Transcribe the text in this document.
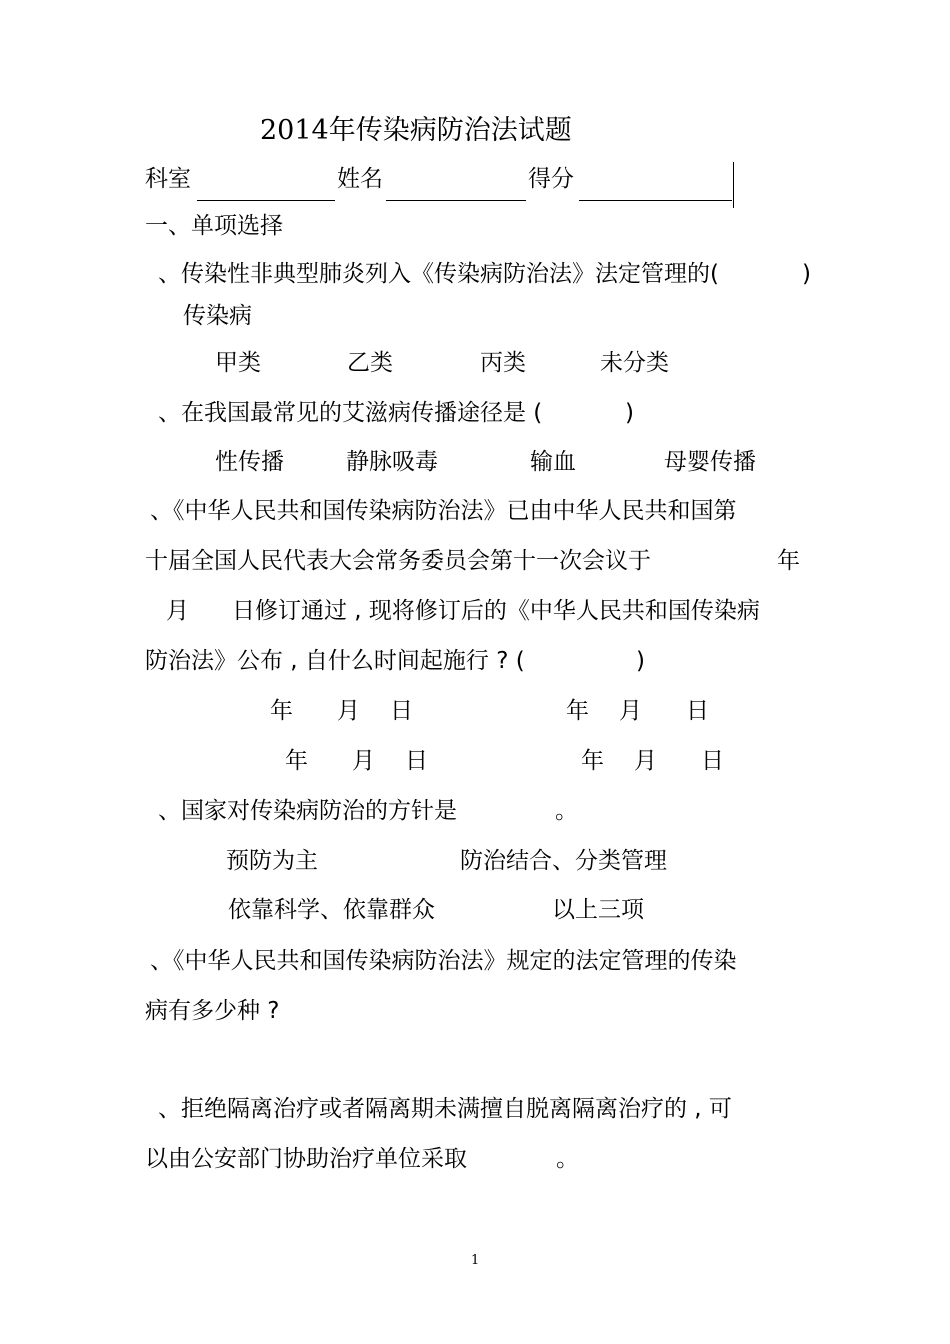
2014年传染病防治法试题
科室	姓名	得分
一、单项选择
、传染性非典型肺炎列入《传染病防治法》法定管理的(	)
传染病
甲类	乙类	丙类	未分类
、在我国最常见的艾滋病传播途径是 (	)
性传播	静脉吸毒	输血	母婴传播
、《中华人民共和国传染病防治法》已由中华人民共和国第
十届全国人民代表大会常务委员会第十一次会议于	年
月 日修订通过 , 现将修订后的《中华人民共和国传染病
防治法》公布 , 自什么时间起施行 ? (	)
年 月 日	年 月 日
年 月 日	年 月 日
、国家对传染病防治的方针是	。
预防为主	防治结合、分类管理
依靠科学、依靠群众	以上三项
、《中华人民共和国传染病防治法》规定的法定管理的传染
病有多少种 ?
、拒绝隔离治疗或者隔离期未满擅自脱离隔离治疗的 , 可
以由公安部门协助治疗单位采取	。
1
